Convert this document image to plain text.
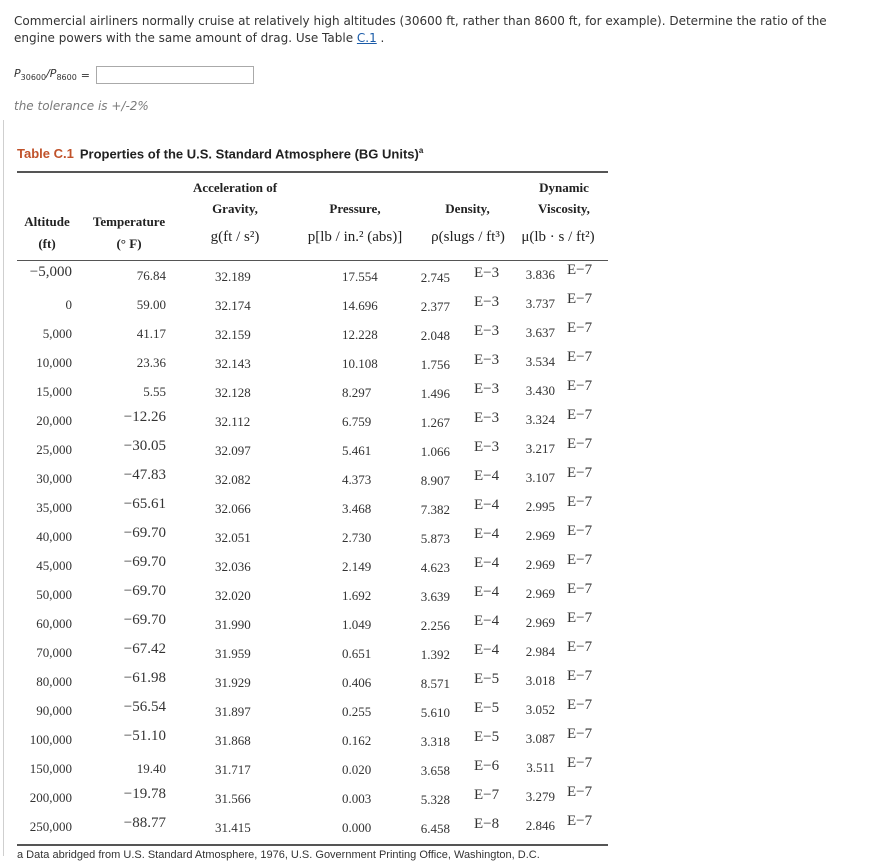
Commercial airliners normally cruise at relatively high altitudes (30600 ft, rather than 8600 ft, for example). Determine the ratio of the engine powers with the same amount of drag. Use Table C.1 .
$P_{30600}/P_{8600}$ =
the tolerance is +/-2%
Table C.1 Properties of the U.S. Standard Atmosphere (BG Units)$^a$
Altitude
(ft)
Temperature
(° F)
Acceleration of
Gravity,
g(ft / s²)
Pressure,
p[lb / in.² (abs)]
Density,
ρ(slugs / ft³)
Dynamic
Viscosity,
μ(lb · s / ft²)
−5,000	76.84	32.189	17.554	2.745 E−3 3.836 E−7
0	59.00	32.174	14.696	2.377 E−3 3.737 E−7
5,000	41.17	32.159	12.228	2.048 E−3 3.637 E−7
10,000	23.36	32.143	10.108	1.756 E−3 3.534 E−7
15,000	5.55	32.128	8.297	1.496 E−3 3.430 E−7
20,000	−12.26	32.112	6.759	1.267 E−3 3.324 E−7
25,000	−30.05	32.097	5.461	1.066 E−3 3.217 E−7
30,000	−47.83	32.082	4.373	8.907 E−4 3.107 E−7
35,000	−65.61	32.066	3.468	7.382 E−4 2.995 E−7
40,000	−69.70	32.051	2.730	5.873 E−4 2.969 E−7
45,000	−69.70	32.036	2.149	4.623 E−4 2.969 E−7
50,000	−69.70	32.020	1.692	3.639 E−4 2.969 E−7
60,000	−69.70	31.990	1.049	2.256 E−4 2.969 E−7
70,000	−67.42	31.959	0.651	1.392 E−4 2.984 E−7
80,000	−61.98	31.929	0.406	8.571 E−5 3.018 E−7
90,000	−56.54	31.897	0.255	5.610 E−5 3.052 E−7
100,000	−51.10	31.868	0.162	3.318 E−5 3.087 E−7
150,000	19.40	31.717	0.020	3.658 E−6 3.511 E−7
200,000	−19.78	31.566	0.003	5.328 E−7 3.279 E−7
250,000	−88.77	31.415	0.000	6.458 E−8 2.846 E−7
a Data abridged from U.S. Standard Atmosphere, 1976, U.S. Government Printing Office, Washington, D.C.
